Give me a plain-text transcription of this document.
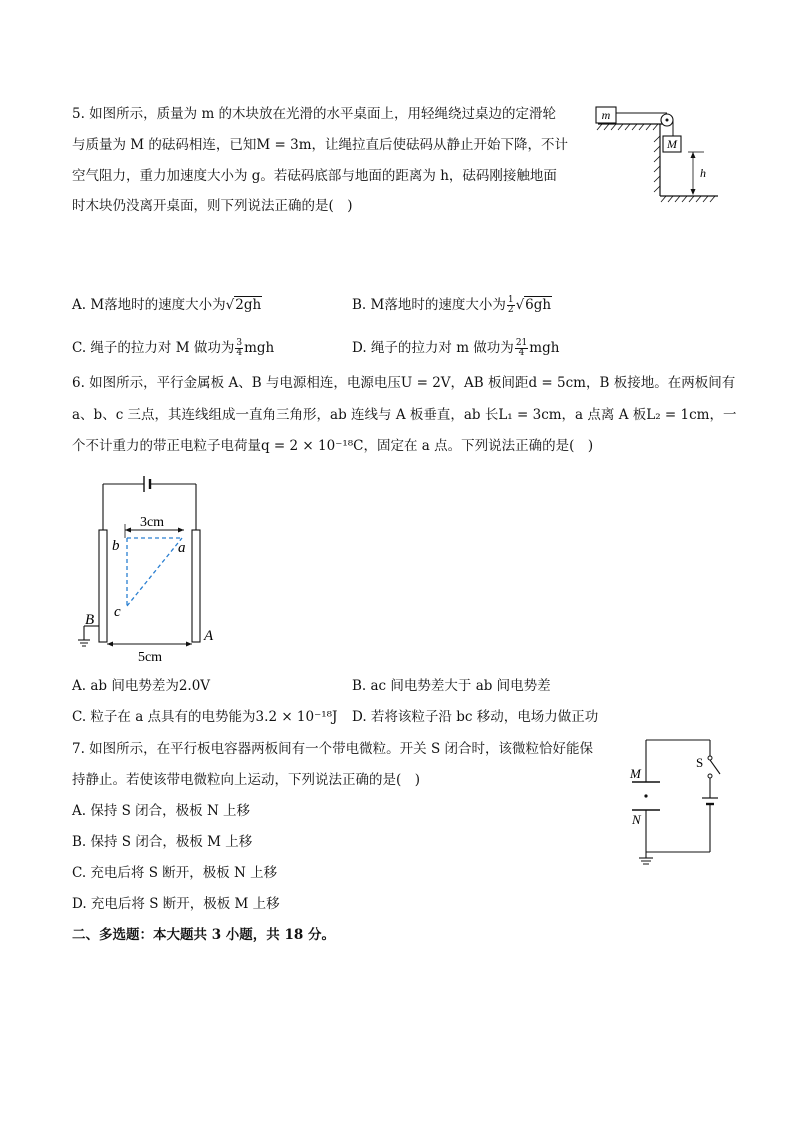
5. 如图所示，质量为 m 的木块放在光滑的水平桌面上，用轻绳绕过桌边的定滑轮
与质量为 M 的砝码相连，已知M = 3m，让绳拉直后使砝码从静止开始下降，不计
空气阻力，重力加速度大小为 g。若砝码底部与地面的距离为 h，砝码刚接触地面
时木块仍没离开桌面，则下列说法正确的是(　)
m
M
h
A. M落地时的速度大小为√2gh	B. M落地时的速度大小为 $\frac{1}{2} √6gh$
C. 绳子的拉力对 M 做功为 $\frac{3}{4}$ mgh	D. 绳子的拉力对 m 做功为 $\frac{21}{4}$ mgh
6. 如图所示，平行金属板 A、B 与电源相连，电源电压U = 2V，AB 板间距d = 5cm，B 板接地。在两板间有
a、b、c 三点，其连线组成一直角三角形，ab 连线与 A 板垂直，ab 长L₁ = 3cm，a 点离 A 板L₂ = 1cm，一
个不计重力的带正电粒子电荷量q = 2 × 10⁻¹⁸C，固定在 a 点。下列说法正确的是(　)
3cm
b	a
c
B
A
5cm
A. ab 间电势差为2.0V	B. ac 间电势差大于 ab 间电势差
C. 粒子在 a 点具有的电势能为3.2 × 10⁻¹⁸J D. 若将该粒子沿 bc 移动，电场力做正功
7. 如图所示，在平行板电容器两板间有一个带电微粒。开关 S 闭合时，该微粒恰好能保
持静止。若使该带电微粒向上运动，下列说法正确的是(　)
A. 保持 S 闭合，极板 N 上移
B. 保持 S 闭合，极板 M 上移
C. 充电后将 S 断开，极板 N 上移
D. 充电后将 S 断开，极板 M 上移
S
M
N
二、多选题：本大题共 3 小题，共 18 分。
